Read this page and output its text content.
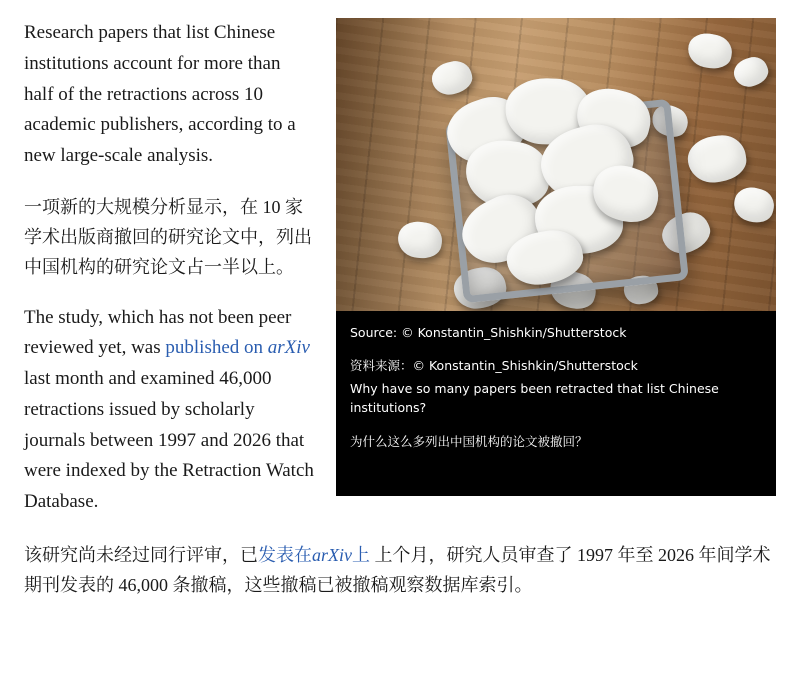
Source: © Konstantin_Shishkin/Shutterstock
资料来源：© Konstantin_Shishkin/Shutterstock

Why have so many papers been retracted that list Chinese institutions?

为什么这么多列出中国机构的论文被撤回？

Research papers that list Chinese institutions account for more than half of the retractions across 10 academic publishers, according to a new large-scale analysis.

一项新的大规模分析显示，在 10 家学术出版商撤回的研究论文中，列出中国机构的研究论文占一半以上。

The study, which has not been peer reviewed yet, was published on arXiv last month and examined 46,000 retractions issued by scholarly journals between 1997 and 2026 that were indexed by the Retraction Watch Database.

该研究尚未经过同行评审，已发表在arXiv上 上个月，研究人员审查了 1997 年至 2026 年间学术期刊发表的 46,000 条撤稿，这些撤稿已被撤稿观察数据库索引。
